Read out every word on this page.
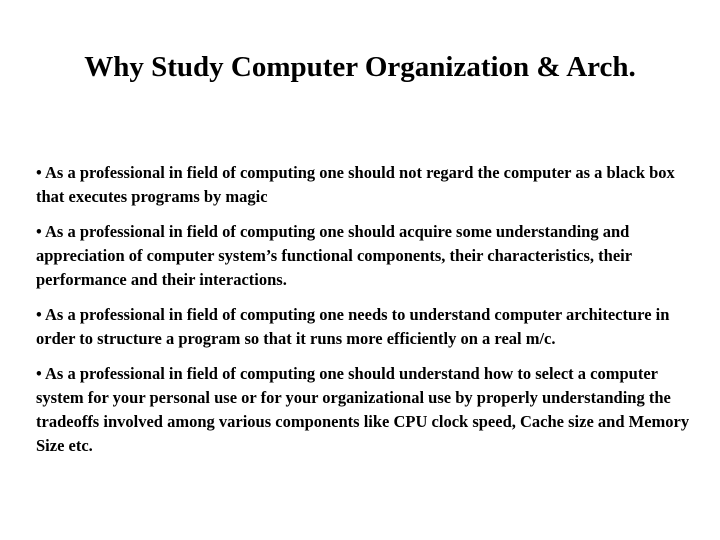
Why Study Computer Organization & Arch.
• As a professional in field of computing one should not regard the computer as a black box that executes programs by magic
• As a professional in field of computing one should acquire some understanding and appreciation of computer system’s functional components, their characteristics, their performance and their interactions.
• As a professional in field of computing one needs to understand computer architecture in order to structure a program so that it runs more efficiently on a real m/c.
• As a professional in field of computing one should understand how to select a computer system for your personal use or for your organizational use by properly understanding the tradeoffs involved among various components like CPU clock speed, Cache size and Memory Size etc.
